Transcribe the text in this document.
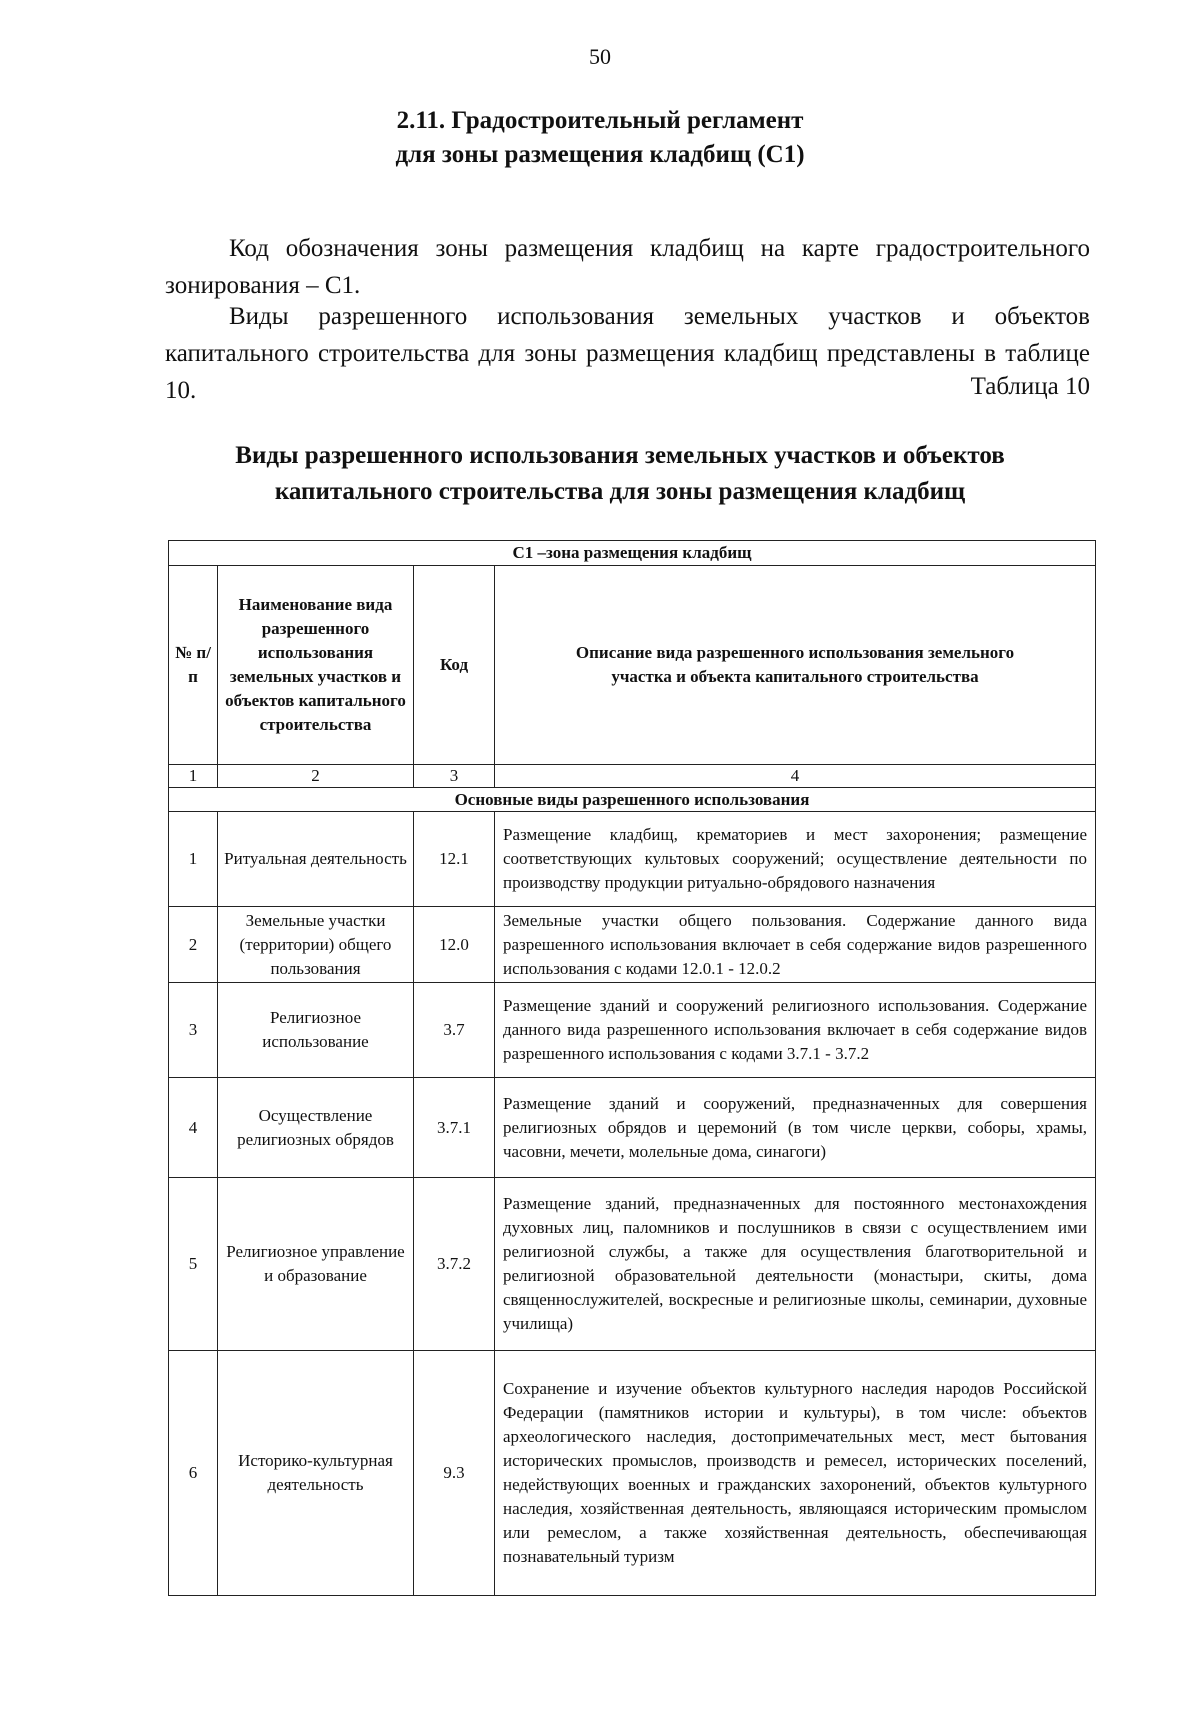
50
2.11. Градостроительный регламент
для зоны размещения кладбищ (С1)

Код обозначения зоны размещения кладбищ на карте градостроительного зонирования – С1.

Виды разрешенного использования земельных участков и объектов капитального строительства для зоны размещения кладбищ представлены в таблице 10.	Таблица 10
Виды разрешенного использования земельных участков и объектов
капитального строительства для зоны размещения кладбищ
С1 –зона размещения кладбищ			
№ п/п	Наименование вида разрешенного использования земельных участков и объектов капитального строительства	Код	Описание вида разрешенного использования земельного участка и объекта капитального строительства
1	2	3	4
Основные виды разрешенного использования			
1	Ритуальная деятельность	12.1	Размещение кладбищ, крематориев и мест захоронения; размещение соответствующих культовых сооружений; осуществление деятельности по производству продукции ритуально-обрядового назначения
2	Земельные участки (территории) общего пользования	12.0	Земельные участки общего пользования. Содержание данного вида разрешенного использования включает в себя содержание видов разрешенного использования с кодами 12.0.1 - 12.0.2
3	Религиозное использование	3.7	Размещение зданий и сооружений религиозного использования. Содержание данного вида разрешенного использования включает в себя содержание видов разрешенного использования с кодами 3.7.1 - 3.7.2
4	Осуществление религиозных обрядов	3.7.1	Размещение зданий и сооружений, предназначенных для совершения религиозных обрядов и церемоний (в том числе церкви, соборы, храмы, часовни, мечети, молельные дома, синагоги)
5	Религиозное управление и образование	3.7.2	Размещение зданий, предназначенных для постоянного местонахождения духовных лиц, паломников и послушников в связи с осуществлением ими религиозной службы, а также для осуществления благотворительной и религиозной образовательной деятельности (монастыри, скиты, дома священнослужителей, воскресные и религиозные школы, семинарии, духовные училища)
6	Историко-культурная деятельность	9.3	Сохранение и изучение объектов культурного наследия народов Российской Федерации (памятников истории и культуры), в том числе: объектов археологического наследия, достопримечательных мест, мест бытования исторических промыслов, производств и ремесел, исторических поселений, недействующих военных и гражданских захоронений, объектов культурного наследия, хозяйственная деятельность, являющаяся историческим промыслом или ремеслом, а также хозяйственная деятельность, обеспечивающая познавательный туризм
